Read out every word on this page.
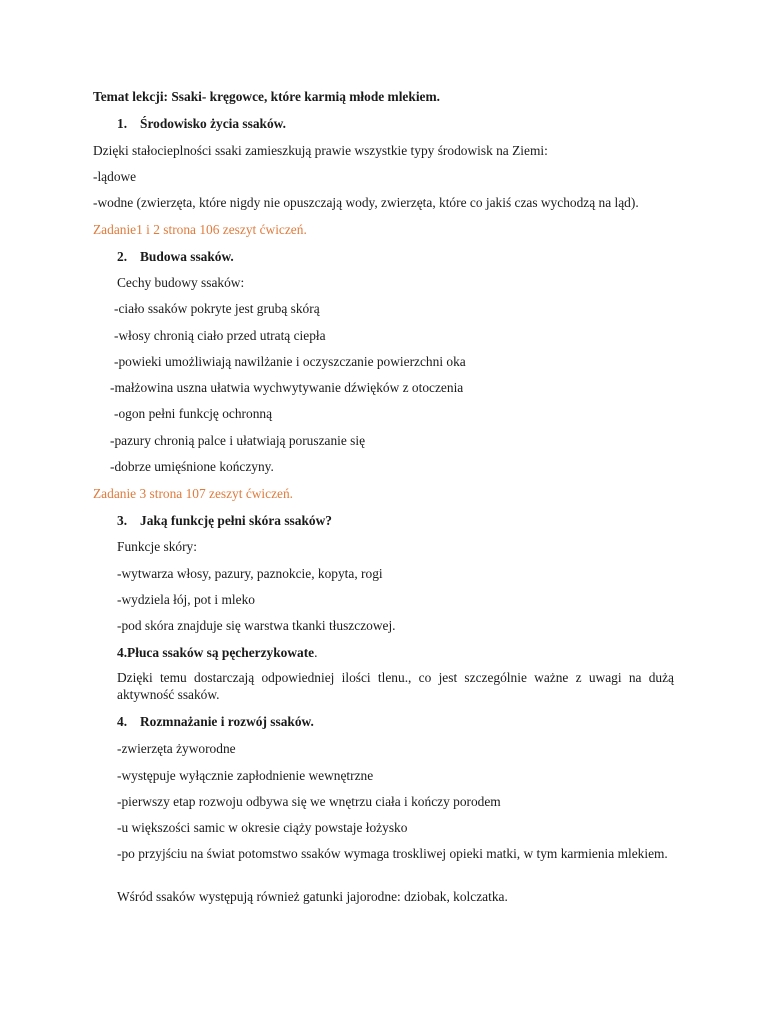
Temat lekcji: Ssaki- kręgowce, które karmią młode mlekiem.
1. Środowisko życia ssaków.
Dzięki stałocieplności ssaki zamieszkują prawie wszystkie typy środowisk na Ziemi:
-lądowe
-wodne (zwierzęta, które nigdy nie opuszczają wody, zwierzęta, które co jakiś czas wychodzą na ląd).
Zadanie1 i 2 strona 106 zeszyt ćwiczeń.
2. Budowa ssaków.
Cechy budowy ssaków:
-ciało ssaków pokryte jest grubą skórą
-włosy chronią ciało przed utratą ciepła
-powieki umożliwiają nawilżanie i oczyszczanie powierzchni oka
-małżowina uszna ułatwia wychwytywanie dźwięków z otoczenia
-ogon pełni funkcję ochronną
-pazury chronią palce i ułatwiają poruszanie się
-dobrze umięśnione kończyny.
Zadanie 3 strona 107 zeszyt ćwiczeń.
3. Jaką funkcję pełni skóra ssaków?
Funkcje skóry:
-wytwarza włosy, pazury, paznokcie, kopyta, rogi
-wydziela łój, pot i mleko
-pod skóra znajduje się warstwa tkanki tłuszczowej.
4.Płuca ssaków są pęcherzykowate.
Dzięki temu dostarczają odpowiedniej ilości tlenu., co jest szczególnie ważne z uwagi na dużą aktywność ssaków.
4. Rozmnażanie i rozwój ssaków.
-zwierzęta żyworodne
-występuje wyłącznie zapłodnienie wewnętrzne
-pierwszy etap rozwoju odbywa się we wnętrzu ciała i kończy porodem
-u większości samic w okresie ciąży powstaje łożysko
-po przyjściu na świat potomstwo ssaków wymaga troskliwej opieki matki, w tym karmienia mlekiem.
Wśród ssaków występują również gatunki jajorodne: dziobak, kolczatka.
